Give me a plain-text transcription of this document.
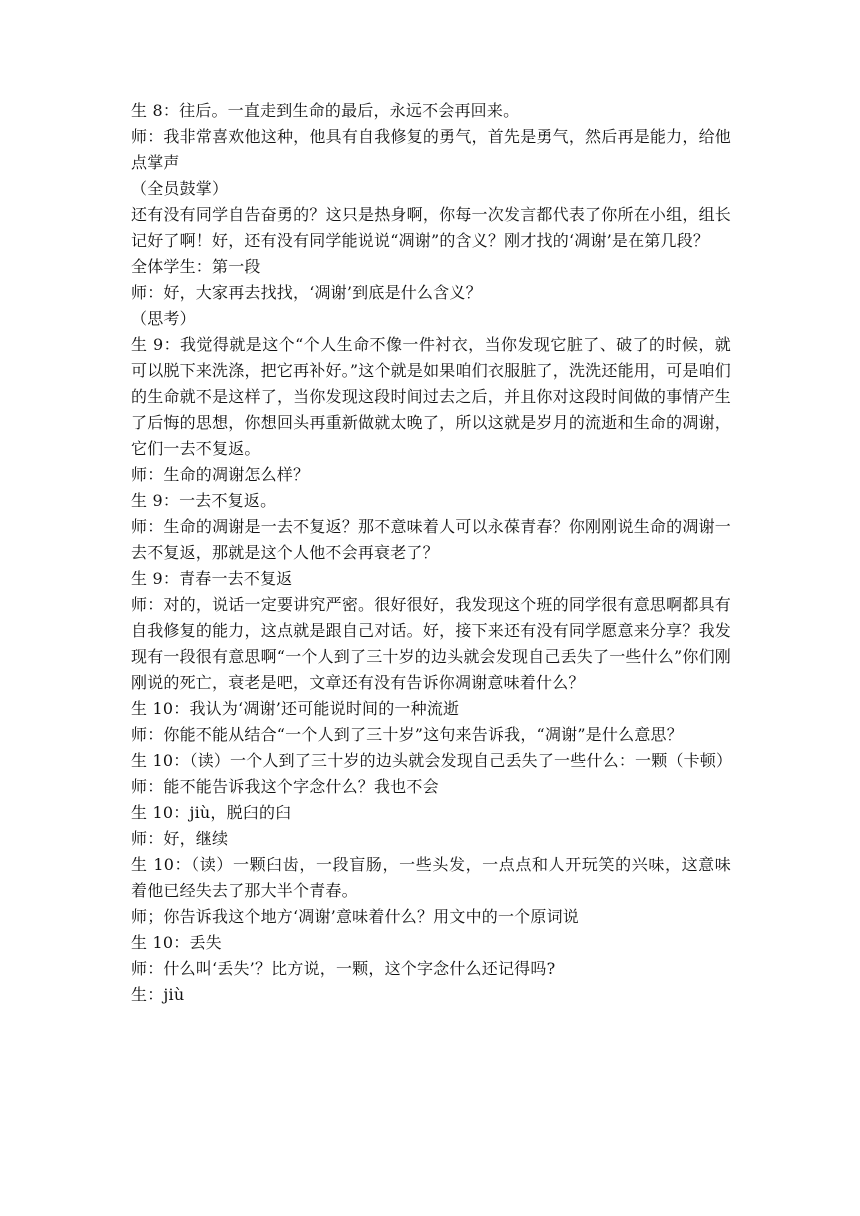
生 8：往后。一直走到生命的最后，永远不会再回来。

师：我非常喜欢他这种，他具有自我修复的勇气，首先是勇气，然后再是能力，给他点掌声

（全员鼓掌）

还有没有同学自告奋勇的？这只是热身啊，你每一次发言都代表了你所在小组，组长记好了啊！好，还有没有同学能说说“凋谢”的含义？刚才找的‘凋谢’是在第几段？

全体学生：第一段

师：好，大家再去找找，‘凋谢’到底是什么含义？

（思考）

生 9：我觉得就是这个“个人生命不像一件衬衣，当你发现它脏了、破了的时候，就可以脱下来洗涤，把它再补好。”这个就是如果咱们衣服脏了，洗洗还能用，可是咱们的生命就不是这样了，当你发现这段时间过去之后，并且你对这段时间做的事情产生了后悔的思想，你想回头再重新做就太晚了，所以这就是岁月的流逝和生命的凋谢，它们一去不复返。

师：生命的凋谢怎么样？

生 9：一去不复返。

师：生命的凋谢是一去不复返？那不意味着人可以永葆青春？你刚刚说生命的凋谢一去不复返，那就是这个人他不会再衰老了？

生 9：青春一去不复返

师：对的，说话一定要讲究严密。很好很好，我发现这个班的同学很有意思啊都具有自我修复的能力，这点就是跟自己对话。好，接下来还有没有同学愿意来分享？我发现有一段很有意思啊“一个人到了三十岁的边头就会发现自己丢失了一些什么”你们刚刚说的死亡，衰老是吧，文章还有没有告诉你凋谢意味着什么？

生 10：我认为‘凋谢’还可能说时间的一种流逝

师：你能不能从结合“一个人到了三十岁”这句来告诉我，“凋谢”是什么意思？

生 10：（读）一个人到了三十岁的边头就会发现自己丢失了一些什么：一颗（卡顿）

师：能不能告诉我这个字念什么？我也不会

生 10：jiù，脱臼的臼

师：好，继续

生 10：（读）一颗臼齿，一段盲肠，一些头发，一点点和人开玩笑的兴味，这意味着他已经失去了那大半个青春。

师；你告诉我这个地方‘凋谢’意味着什么？用文中的一个原词说

生 10：丢失

师：什么叫‘丢失’？比方说，一颗，这个字念什么还记得吗?

生：jiù
